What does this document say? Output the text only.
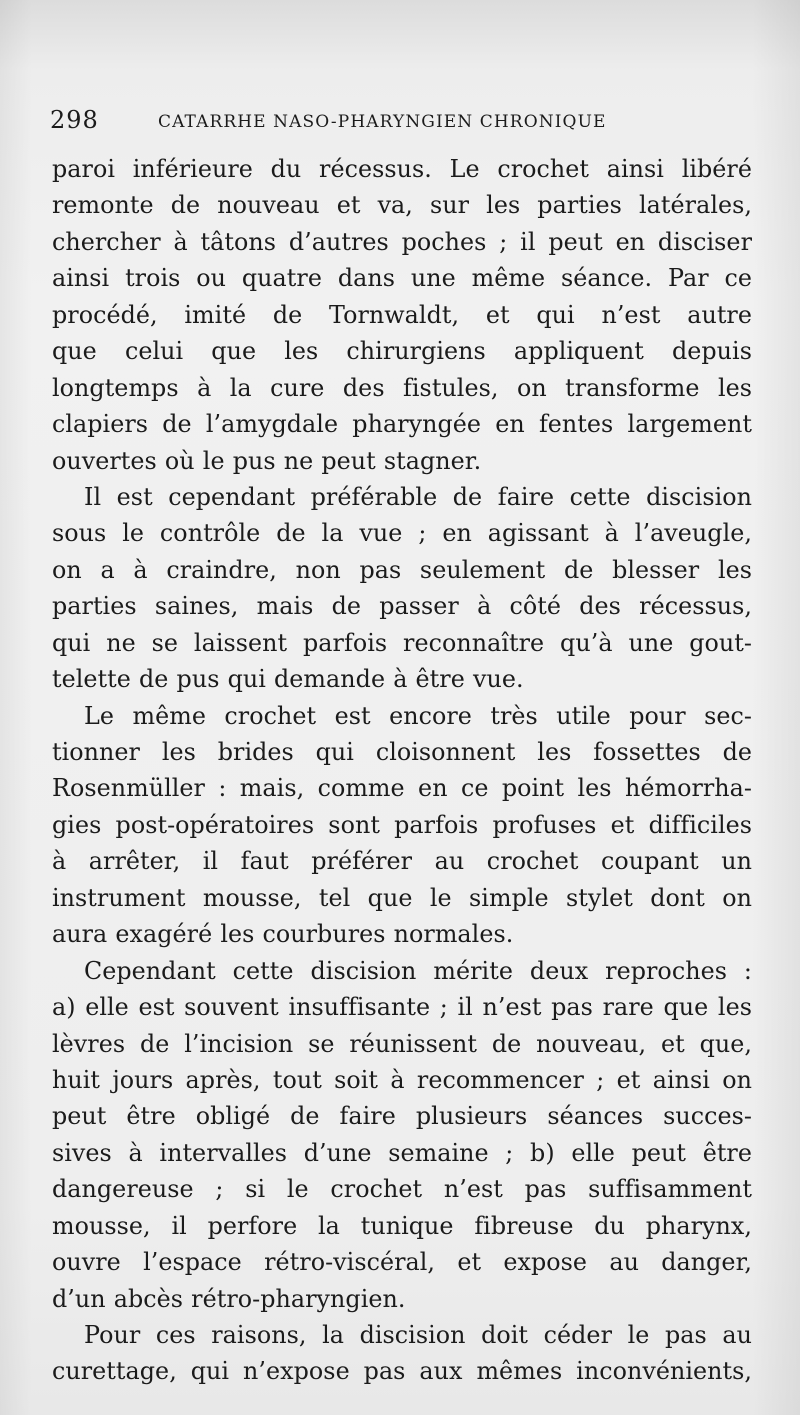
298	CATARRHE NASO-PHARYNGIEN CHRONIQUE
paroi inférieure du récessus. Le crochet ainsi libéré
remonte de nouveau et va, sur les parties latérales,
chercher à tâtons d’autres poches ; il peut en disciser
ainsi trois ou quatre dans une même séance. Par ce
procédé, imité de Tornwaldt, et qui n’est autre
que celui que les chirurgiens appliquent depuis
longtemps à la cure des fistules, on transforme les
clapiers de l’amygdale pharyngée en fentes largement
ouvertes où le pus ne peut stagner.
Il est cependant préférable de faire cette discision
sous le contrôle de la vue ; en agissant à l’aveugle,
on a à craindre, non pas seulement de blesser les
parties saines, mais de passer à côté des récessus,
qui ne se laissent parfois reconnaître qu’à une gout-
telette de pus qui demande à être vue.
Le même crochet est encore très utile pour sec-
tionner les brides qui cloisonnent les fossettes de
Rosenmüller : mais, comme en ce point les hémorrha-
gies post-opératoires sont parfois profuses et difficiles
à arrêter, il faut préférer au crochet coupant un
instrument mousse, tel que le simple stylet dont on
aura exagéré les courbures normales.
Cependant cette discision mérite deux reproches :
a) elle est souvent insuffisante ; il n’est pas rare que les
lèvres de l’incision se réunissent de nouveau, et que,
huit jours après, tout soit à recommencer ; et ainsi on
peut être obligé de faire plusieurs séances succes-
sives à intervalles d’une semaine ; b) elle peut être
dangereuse ; si le crochet n’est pas suffisamment
mousse, il perfore la tunique fibreuse du pharynx,
ouvre l’espace rétro-viscéral, et expose au danger,
d’un abcès rétro-pharyngien.
Pour ces raisons, la discision doit céder le pas au
curettage, qui n’expose pas aux mêmes inconvénients,
